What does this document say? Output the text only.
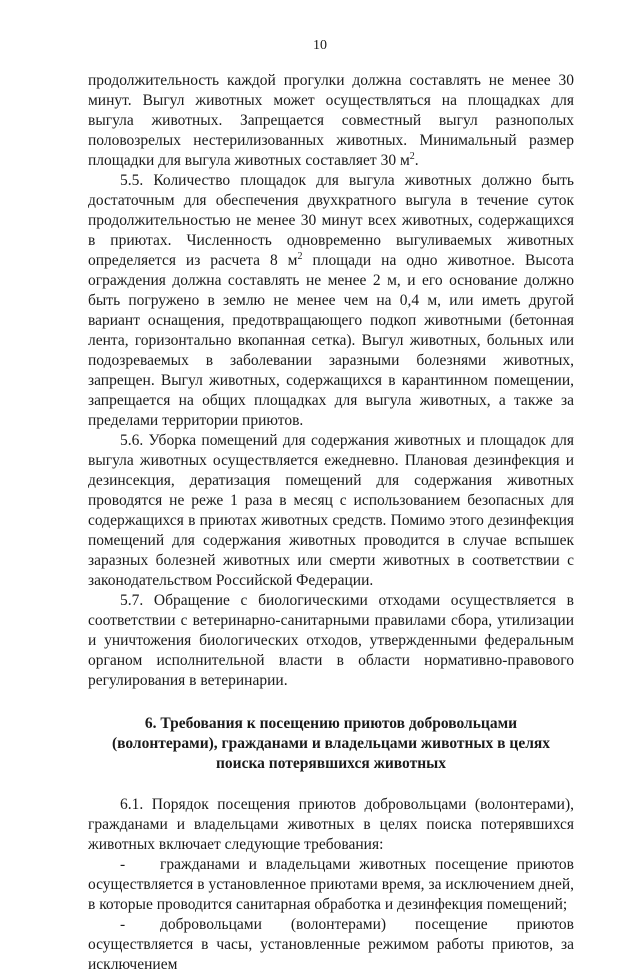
10

продолжительность каждой прогулки должна составлять не менее 30 минут. Выгул животных может осуществляться на площадках для выгула животных. Запрещается совместный выгул разнополых половозрелых нестерилизованных животных. Минимальный размер площадки для выгула животных составляет 30 $м^2$.

5.5. Количество площадок для выгула животных должно быть достаточным для обеспечения двухкратного выгула в течение суток продолжительностью не менее 30 минут всех животных, содержащихся в приютах. Численность одновременно выгуливаемых животных определяется из расчета 8 $м^2$ площади на одно животное. Высота ограждения должна составлять не менее 2 м, и его основание должно быть погружено в землю не менее чем на 0,4 м, или иметь другой вариант оснащения, предотвращающего подкоп животными (бетонная лента, горизонтально вкопанная сетка). Выгул животных, больных или подозреваемых в заболевании заразными болезнями животных, запрещен. Выгул животных, содержащихся в карантинном помещении, запрещается на общих площадках для выгула животных, а также за пределами территории приютов.

5.6. Уборка помещений для содержания животных и площадок для выгула животных осуществляется ежедневно. Плановая дезинфекция и дезинсекция, дератизация помещений для содержания животных проводятся не реже 1 раза в месяц с использованием безопасных для содержащихся в приютах животных средств. Помимо этого дезинфекция помещений для содержания животных проводится в случае вспышек заразных болезней животных или смерти животных в соответствии с законодательством Российской Федерации.

5.7. Обращение с биологическими отходами осуществляется в соответствии с ветеринарно-санитарными правилами сбора, утилизации и уничтожения биологических отходов, утвержденными федеральным органом исполнительной власти в области нормативно-правового регулирования в ветеринарии.

6. Требования к посещению приютов добровольцами
(волонтерами), гражданами и владельцами животных в целях
поиска потерявшихся животных

6.1. Порядок посещения приютов добровольцами (волонтерами), гражданами и владельцами животных в целях поиска потерявшихся животных включает следующие требования:

- гражданами и владельцами животных посещение приютов осуществляется в установленное приютами время, за исключением дней, в которые проводится санитарная обработка и дезинфекция помещений;

- добровольцами (волонтерами) посещение приютов осуществляется в часы, установленные режимом работы приютов, за исключением
